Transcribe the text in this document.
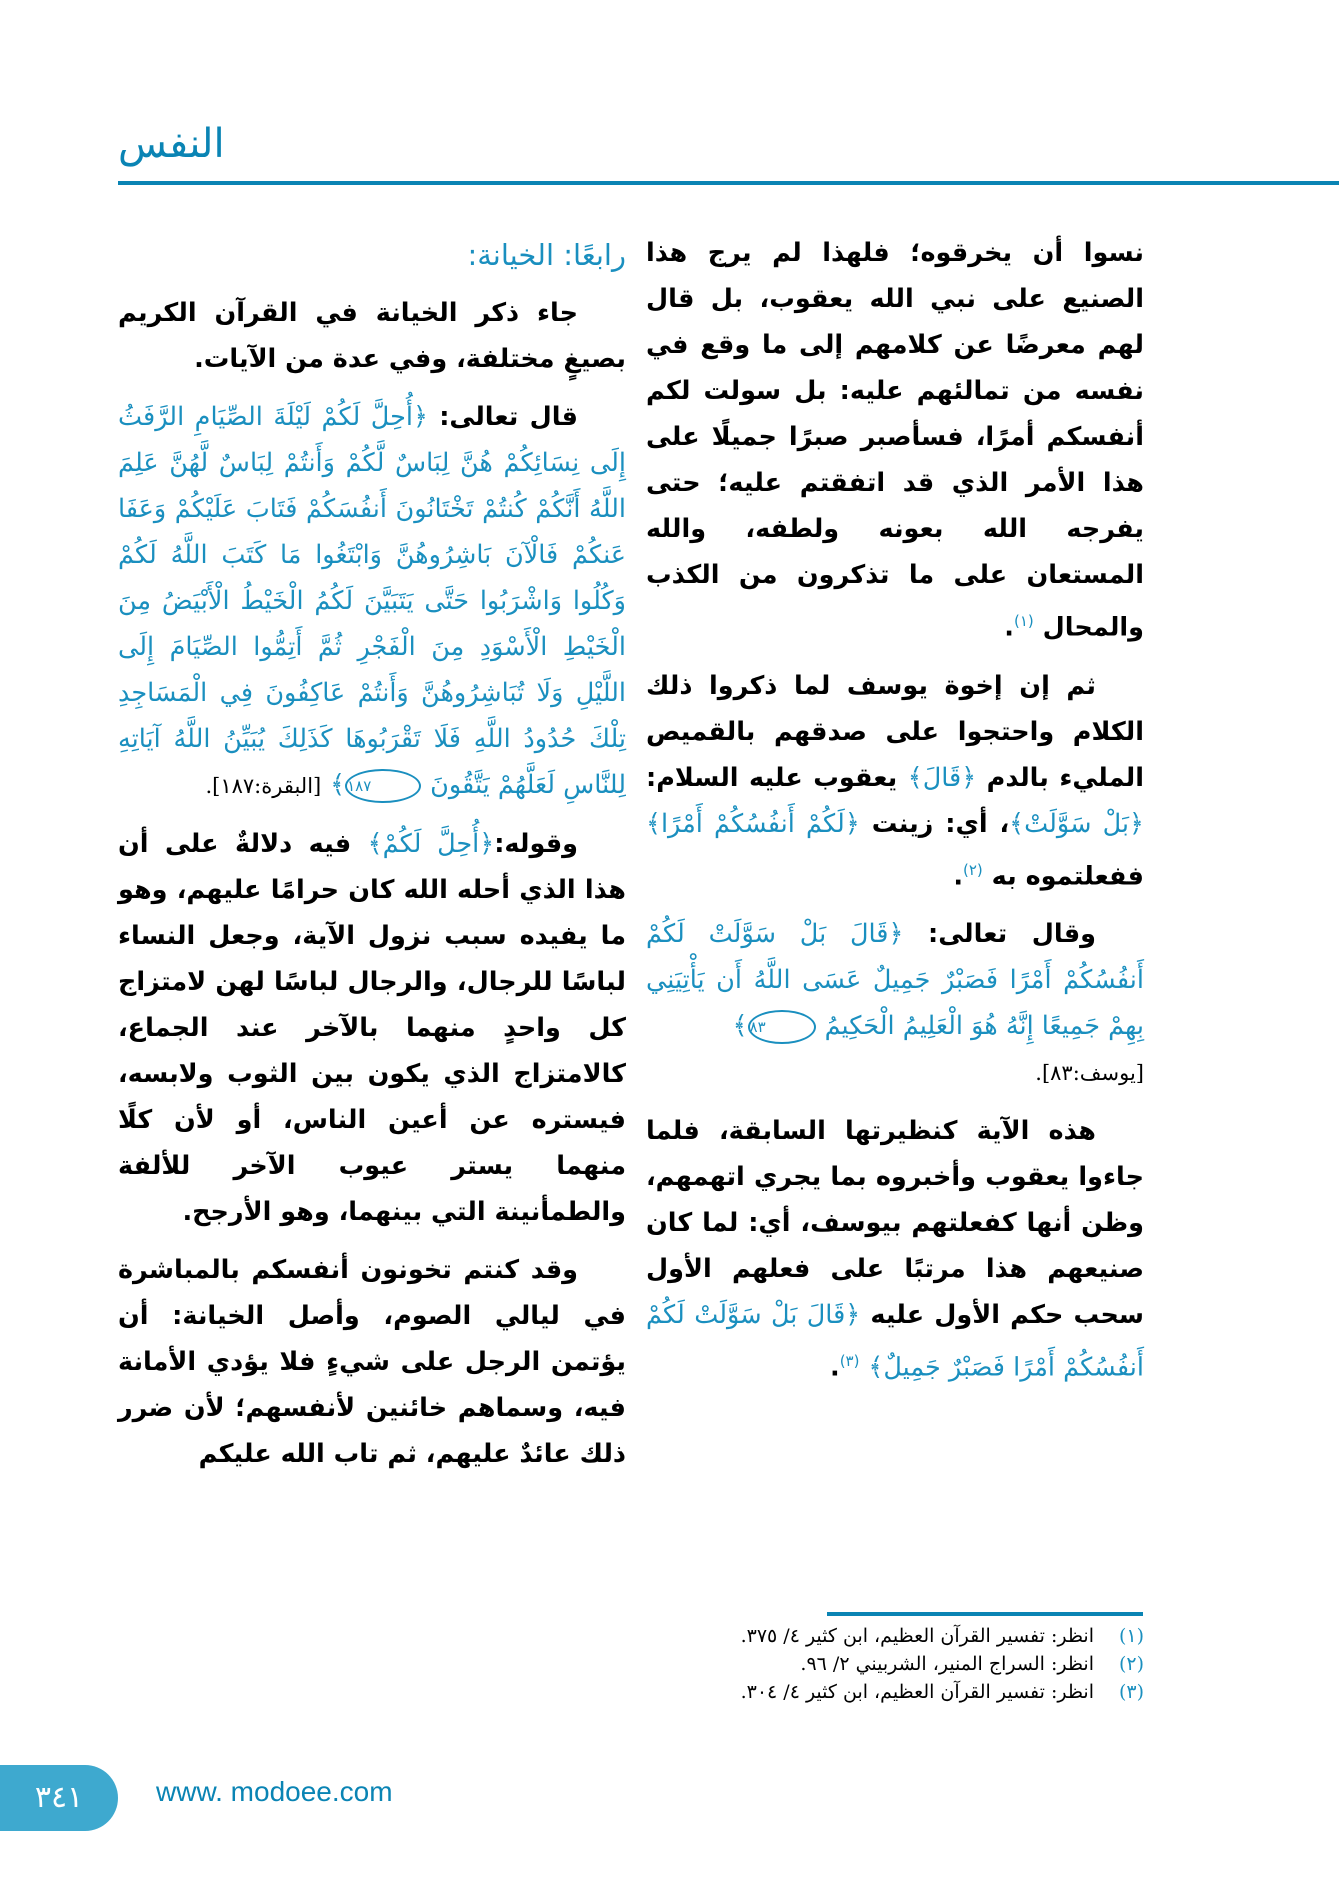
النفس

نسوا أن يخرقوه؛ فلهذا لم يرج هذا الصنيع على نبي الله يعقوب، بل قال لهم معرضًا عن كلامهم إلى ما وقع في نفسه من تمالئهم عليه: بل سولت لكم أنفسكم أمرًا، فسأصبر صبرًا جميلًا على هذا الأمر الذي قد اتفقتم عليه؛ حتى يفرجه الله بعونه ولطفه، والله المستعان على ما تذكرون من الكذب والمحال $^{(١)}$.

ثم إن إخوة يوسف لما ذكروا ذلك الكلام واحتجوا على صدقهم بالقميص المليء بالدم ﴿قَالَ﴾ يعقوب عليه السلام: ﴿بَلْ سَوَّلَتْ﴾، أي: زينت ﴿لَكُمْ أَنفُسُكُمْ أَمْرًا﴾ ففعلتموه به $^{(٢)}$.

وقال تعالى: ﴿قَالَ بَلْ سَوَّلَتْ لَكُمْ أَنفُسُكُمْ أَمْرًا فَصَبْرٌ جَمِيلٌ عَسَى اللَّهُ أَن يَأْتِيَنِي بِهِمْ جَمِيعًا إِنَّهُ هُوَ الْعَلِيمُ الْحَكِيمُ ٨٣﴾
[يوسف:٨٣].

هذه الآية كنظيرتها السابقة، فلما جاءوا يعقوب وأخبروه بما يجري اتهمهم، وظن أنها كفعلتهم بيوسف، أي: لما كان صنيعهم هذا مرتبًا على فعلهم الأول سحب حكم الأول عليه ﴿قَالَ بَلْ سَوَّلَتْ لَكُمْ أَنفُسُكُمْ أَمْرًا فَصَبْرٌ جَمِيلٌ﴾ $^{(٣)}$.

رابعًا: الخيانة:

جاء ذكر الخيانة في القرآن الكريم بصيغٍ مختلفة، وفي عدة من الآيات.

قال تعالى: ﴿أُحِلَّ لَكُمْ لَيْلَةَ الصِّيَامِ الرَّفَثُ إِلَى نِسَائِكُمْ هُنَّ لِبَاسٌ لَّكُمْ وَأَنتُمْ لِبَاسٌ لَّهُنَّ عَلِمَ اللَّهُ أَنَّكُمْ كُنتُمْ تَخْتَانُونَ أَنفُسَكُمْ فَتَابَ عَلَيْكُمْ وَعَفَا عَنكُمْ فَالْآنَ بَاشِرُوهُنَّ وَابْتَغُوا مَا كَتَبَ اللَّهُ لَكُمْ وَكُلُوا وَاشْرَبُوا حَتَّى يَتَبَيَّنَ لَكُمُ الْخَيْطُ الْأَبْيَضُ مِنَ الْخَيْطِ الْأَسْوَدِ مِنَ الْفَجْرِ ثُمَّ أَتِمُّوا الصِّيَامَ إِلَى اللَّيْلِ وَلَا تُبَاشِرُوهُنَّ وَأَنتُمْ عَاكِفُونَ فِي الْمَسَاجِدِ تِلْكَ حُدُودُ اللَّهِ فَلَا تَقْرَبُوهَا كَذَلِكَ يُبَيِّنُ اللَّهُ آيَاتِهِ لِلنَّاسِ لَعَلَّهُمْ يَتَّقُونَ ١٨٧﴾ [البقرة:١٨٧].

وقوله:﴿أُحِلَّ لَكُمْ﴾ فيه دلالةٌ على أن هذا الذي أحله الله كان حرامًا عليهم، وهو ما يفيده سبب نزول الآية، وجعل النساء لباسًا للرجال، والرجال لباسًا لهن لامتزاج كل واحدٍ منهما بالآخر عند الجماع، كالامتزاج الذي يكون بين الثوب ولابسه، فيستره عن أعين الناس، أو لأن كلًا منهما يستر عيوب الآخر للألفة والطمأنينة التي بينهما، وهو الأرجح.

وقد كنتم تخونون أنفسكم بالمباشرة في ليالي الصوم، وأصل الخيانة: أن يؤتمن الرجل على شيءٍ فلا يؤدي الأمانة فيه، وسماهم خائنين لأنفسهم؛ لأن ضرر ذلك عائدٌ عليهم، ثم تاب الله عليكم

(١)
انظر: تفسير القرآن العظيم، ابن كثير ٤/ ٣٧٥.
(٢)
انظر: السراج المنير، الشربيني ٢/ ٩٦.
(٣)
انظر: تفسير القرآن العظيم، ابن كثير ٤/ ٣٠٤.
٣٤١	www. modoee.com
